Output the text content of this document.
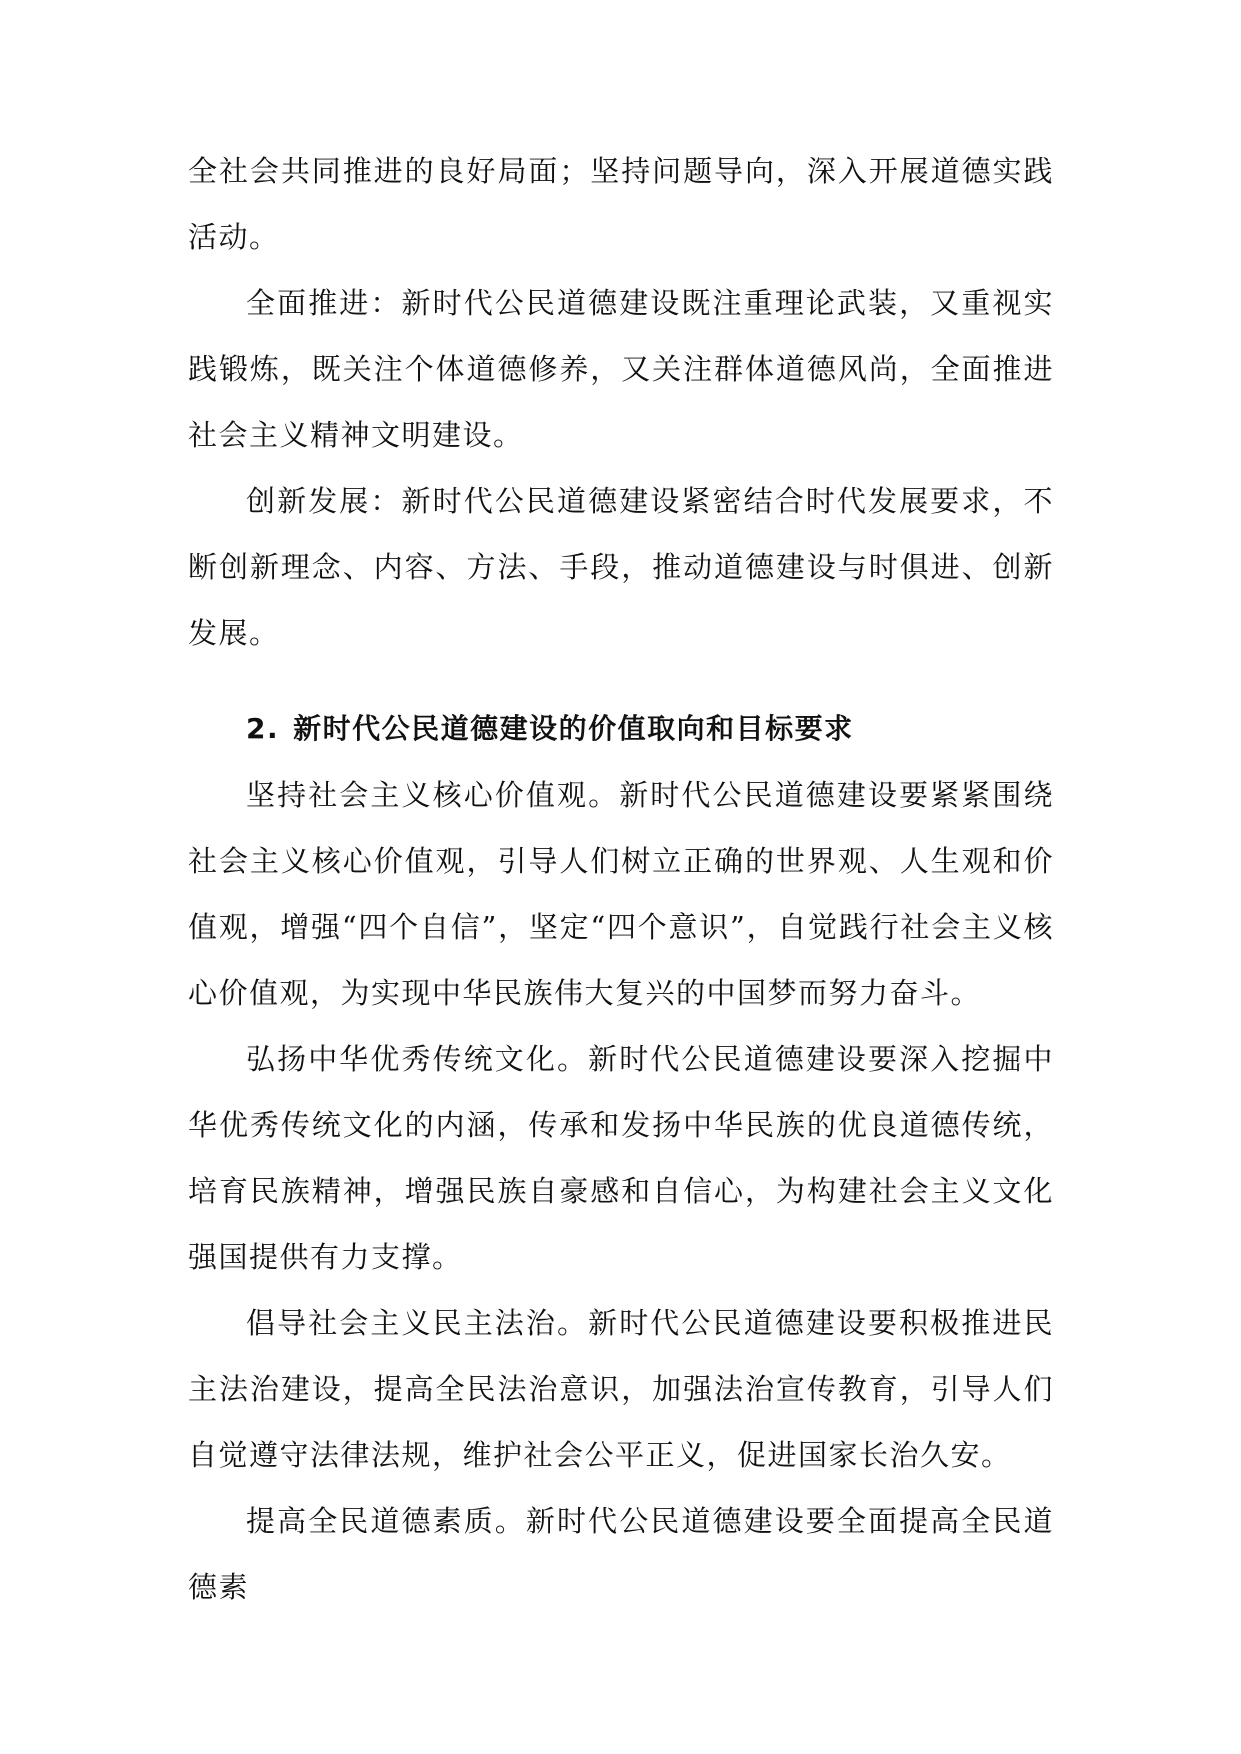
全社会共同推进的良好局面；坚持问题导向，深入开展道德实践活动。

全面推进：新时代公民道德建设既注重理论武装，又重视实践锻炼，既关注个体道德修养，又关注群体道德风尚，全面推进社会主义精神文明建设。

创新发展：新时代公民道德建设紧密结合时代发展要求，不断创新理念、内容、方法、手段，推动道德建设与时俱进、创新发展。

2. 新时代公民道德建设的价值取向和目标要求

坚持社会主义核心价值观。新时代公民道德建设要紧紧围绕社会主义核心价值观，引导人们树立正确的世界观、人生观和价值观，增强“四个自信”，坚定“四个意识”，自觉践行社会主义核心价值观，为实现中华民族伟大复兴的中国梦而努力奋斗。

弘扬中华优秀传统文化。新时代公民道德建设要深入挖掘中华优秀传统文化的内涵，传承和发扬中华民族的优良道德传统，培育民族精神，增强民族自豪感和自信心，为构建社会主义文化强国提供有力支撑。

倡导社会主义民主法治。新时代公民道德建设要积极推进民主法治建设，提高全民法治意识，加强法治宣传教育，引导人们自觉遵守法律法规，维护社会公平正义，促进国家长治久安。

提高全民道德素质。新时代公民道德建设要全面提高全民道德素
